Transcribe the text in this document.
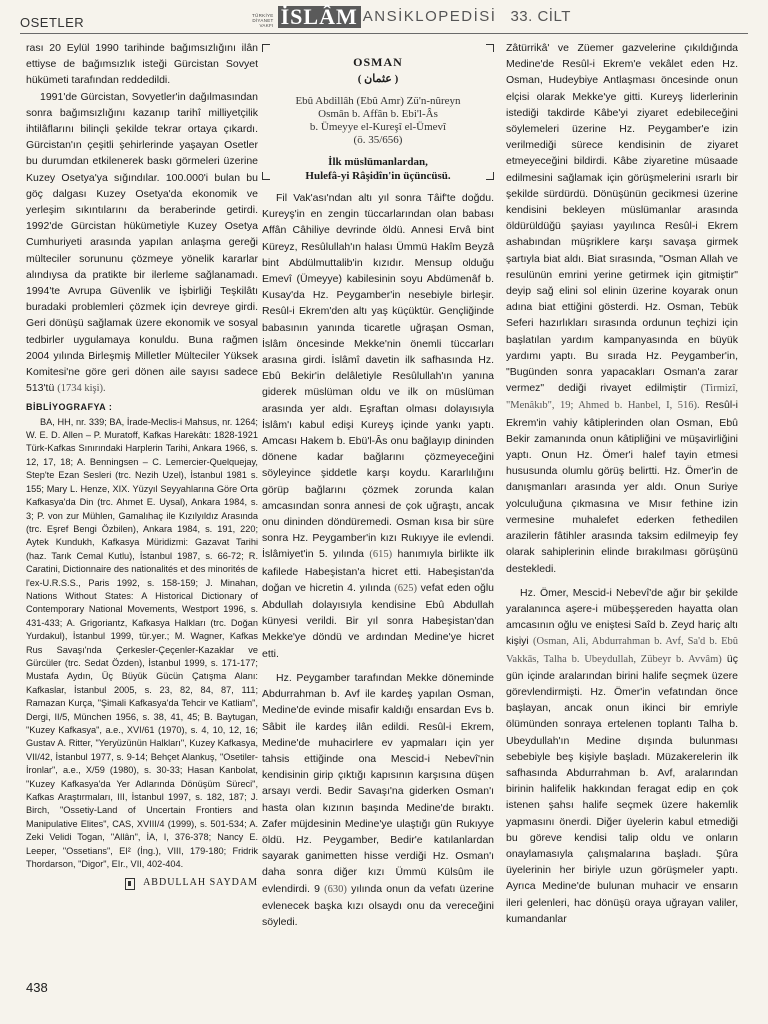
OSETLER	TÜRKİYE
DİYANET
VAKFI İSLÂM ANSİKLOPEDİSİ 33. CİLT

rası 20 Eylül 1990 tarihinde bağımsızlığını ilân ettiyse de bağımsızlık isteği Gürcistan Sovyet hükümeti tarafından reddedildi.

1991'de Gürcistan, Sovyetler'in dağılmasından sonra bağımsızlığını kazanıp tarihî milliyetçilik ihtilâflarını bilinçli şekilde tekrar ortaya çıkardı. Gürcistan'ın çeşitli şehirlerinde yaşayan Osetler bu durumdan etkilenerek baskı görmeleri üzerine Kuzey Osetya'ya sığındılar. 100.000'i bulan bu göç dalgası Kuzey Osetya'da ekonomik ve yerleşim sıkıntılarını da beraberinde getirdi. 1992'de Gürcistan hükümetiyle Kuzey Osetya Cumhuriyeti arasında yapılan anlaşma gereği mülteciler sorununu çözmeye yönelik kararlar alındıysa da pratikte bir ilerleme sağlanamadı. 1994'te Avrupa Güvenlik ve İşbirliği Teşkilâtı buradaki problemleri çözmek için devreye girdi. Geri dönüşü sağlamak üzere ekonomik ve sosyal tedbirler uygulamaya konuldu. Buna rağmen 2004 yılında Birleşmiş Milletler Mülteciler Yüksek Komitesi'ne göre geri dönen aile sayısı sadece 513'tü (1734 kişi).

BİBLİYOGRAFYA :

BA, HH, nr. 339; BA, İrade-Meclis-i Mahsus, nr. 1264; W. E. D. Allen – P. Muratoff, Kafkas Harekâtı: 1828-1921 Türk-Kafkas Sınırındaki Harplerin Tarihi, Ankara 1966, s. 12, 17, 18; A. Benningsen – C. Lemercier-Quelquejay, Step'te Ezan Sesleri (trc. Nezih Uzel), İstanbul 1981 s. 155; Mary L. Henze, XIX. Yüzyıl Seyyahlarına Göre Orta Kafkasya'da Din (trc. Ahmet E. Uysal), Ankara 1984, s. 3; P. von zur Mühlen, Gamalıhaç ile Kızılyıldız Arasında (trc. Eşref Bengi Özbilen), Ankara 1984, s. 191, 220; Aytek Kundukh, Kafkasya Müridizmi: Gazavat Tarihi (haz. Tarık Cemal Kutlu), İstanbul 1987, s. 66-72; R. Caratini, Dictionnaire des nationalités et des minorités de l'ex-U.R.S.S., Paris 1992, s. 158-159; J. Minahan, Nations Without States: A Historical Dictionary of Contemporary National Movements, Westport 1996, s. 431-433; A. Grigoriantz, Kafkasya Halkları (trc. Doğan Yurdakul), İstanbul 1999, tür.yer.; M. Wagner, Kafkas Rus Savaşı'nda Çerkesler-Çeçenler-Kazaklar ve Gürcüler (trc. Sedat Özden), İstanbul 1999, s. 171-177; Mustafa Aydın, Üç Büyük Gücün Çatışma Alanı: Kafkaslar, İstanbul 2005, s. 23, 82, 84, 87, 111; Ramazan Kurça, "Şimali Kafkasya'da Tehcir ve Katliam", Dergi, II/5, München 1956, s. 38, 41, 45; B. Baytugan, "Kuzey Kafkasya", a.e., XVI/61 (1970), s. 4, 10, 12, 16; Gustav A. Ritter, "Yeryüzünün Halkları", Kuzey Kafkasya, VII/42, İstanbul 1977, s. 9-14; Behçet Alankuş, "Osetiler-İronlar", a.e., X/59 (1980), s. 30-33; Hasan Kanbolat, "Kuzey Kafkasya'da Yer Adlarında Dönüşüm Süreci", Kafkas Araştırmaları, III, İstanbul 1997, s. 182, 187; J. Birch, "Ossetiy-Land of Uncertain Frontiers and Manipulative Elites", CAS, XVIII/4 (1999), s. 501-534; A. Zeki Velidi Togan, "Allân", İA, I, 376-378; Nancy E. Leeper, "Ossetians", EI² (İng.), VIII, 179-180; Fridrik Thordarson, "Digor", EIr., VII, 402-404.

ABDULLAH SAYDAM
OSMAN
( عثمان )
Ebû Abdillâh (Ebû Amr) Zü'n-nûreyn
Osmân b. Affân b. Ebi'l-Âs
b. Ümeyye el-Kureşî el-Ümevî
(ö. 35/656)
İlk müslümanlardan,
Hulefâ-yi Râşidîn'in üçüncüsü.

Fil Vak'ası'ndan altı yıl sonra Tâif'te doğdu. Kureyş'in en zengin tüccarlarından olan babası Affân Câhiliye devrinde öldü. Annesi Ervâ bint Küreyz, Resûlullah'ın halası Ümmü Hakîm Beyzâ bint Abdülmuttalib'in kızıdır. Mensup olduğu Emevî (Ümeyye) kabilesinin soyu Abdümenâf b. Kusay'da Hz. Peygamber'in nesebiyle birleşir. Resûl-i Ekrem'den altı yaş küçüktür. Gençliğinde babasının yanında ticaretle uğraşan Osman, İslâm öncesinde Mekke'nin önemli tüccarları arasına girdi. İslâmî davetin ilk safhasında Hz. Ebû Bekir'in delâletiyle Resûlullah'ın yanına giderek müslüman oldu ve ilk on müslüman arasında yer aldı. Eşraftan olması dolayısıyla İslâm'ı kabul edişi Kureyş içinde yankı yaptı. Amcası Hakem b. Ebü'l-Âs onu bağlayıp dininden dönene kadar bağlarını çözmeyeceğini söyleyince şiddetle karşı koydu. Kararlılığını görüp bağlarını çözmek zorunda kalan amcasından sonra annesi de çok uğraştı, ancak onu dininden döndüremedi. Osman kısa bir süre sonra Hz. Peygamber'in kızı Rukıyye ile evlendi. İslâmiyet'in 5. yılında (615) hanımıyla birlikte ilk kafilede Habeşistan'a hicret etti. Habeşistan'da doğan ve hicretin 4. yılında (625) vefat eden oğlu Abdullah dolayısıyla kendisine Ebû Abdullah künyesi verildi. Bir yıl sonra Habeşistan'dan Mekke'ye döndü ve ardından Medine'ye hicret etti.

Hz. Peygamber tarafından Mekke döneminde Abdurrahman b. Avf ile kardeş yapılan Osman, Medine'de evinde misafir kaldığı ensardan Evs b. Sâbit ile kardeş ilân edildi. Resûl-i Ekrem, Medine'de muhacirlere ev yapmaları için yer tahsis ettiğinde ona Mescid-i Nebevî'nin kendisinin girip çıktığı kapısının karşısına düşen arsayı verdi. Bedir Savaşı'na giderken Osman'ı hasta olan kızının başında Medine'de bıraktı. Zafer müjdesinin Medine'ye ulaştığı gün Rukıyye öldü. Hz. Peygamber, Bedir'e katılanlardan sayarak ganimetten hisse verdiği Hz. Osman'ı daha sonra diğer kızı Ümmü Külsûm ile evlendirdi. 9 (630) yılında onun da vefatı üzerine evlenecek başka kızı olsaydı onu da vereceğini söyledi.

Zâtürrikâ' ve Züemer gazvelerine çıkıldığında Medine'de Resûl-i Ekrem'e vekâlet eden Hz. Osman, Hudeybiye Antlaşması öncesinde onun elçisi olarak Mekke'ye gitti. Kureyş liderlerinin istediği takdirde Kâbe'yi ziyaret edebileceğini söylemeleri üzerine Hz. Peygamber'e izin verilmediği sürece kendisinin de ziyaret etmeyeceğini bildirdi. Kâbe ziyaretine müsaade edilmesini sağlamak için görüşmelerini ısrarlı bir şekilde sürdürdü. Dönüşünün gecikmesi üzerine kendisini bekleyen müslümanlar arasında öldürüldüğü şayiası yayılınca Resûl-i Ekrem ashabından müşriklere karşı savaşa girmek şartıyla biat aldı. Biat sırasında, "Osman Allah ve resulünün emrini yerine getirmek için gitmiştir" deyip sağ elini sol elinin üzerine koyarak onun adına biat ettiğini gösterdi. Hz. Osman, Tebük Seferi hazırlıkları sırasında ordunun teçhizi için başlatılan yardım kampanyasında en büyük yardımı yaptı. Bu sırada Hz. Peygamber'in, "Bugünden sonra yapacakları Osman'a zarar vermez" dediği rivayet edilmiştir (Tirmizî, "Menâkıb", 19; Ahmed b. Hanbel, I, 516). Resûl-i Ekrem'in vahiy kâtiplerinden olan Osman, Ebû Bekir zamanında onun kâtipliğini ve müşavirliğini yaptı. Onun Hz. Ömer'i halef tayin etmesi hususunda olumlu görüş belirtti. Hz. Ömer'in de danışmanları arasında yer aldı. Onun Suriye yolculuğuna çıkmasına ve Mısır fethine izin vermesine muhalefet ederken fethedilen arazilerin fâtihler arasında taksim edilmeyip fey olarak sahiplerinin elinde bırakılması görüşünü destekledi.

Hz. Ömer, Mescid-i Nebevî'de ağır bir şekilde yaralanınca aşere-i mübeşşereden hayatta olan amcasının oğlu ve eniştesi Saîd b. Zeyd hariç altı kişiyi (Osman, Ali, Abdurrahman b. Avf, Sa'd b. Ebû Vakkās, Talha b. Ubeydullah, Zübeyr b. Avvâm) üç gün içinde aralarından birini halife seçmek üzere görevlendirmişti. Hz. Ömer'in vefatından önce başlayan, ancak onun ikinci bir emriyle ölümünden sonraya ertelenen toplantı Talha b. Ubeydullah'ın Medine dışında bulunması sebebiyle beş kişiyle başladı. Müzakerelerin ilk safhasında Abdurrahman b. Avf, aralarından birinin halifelik hakkından feragat edip en çok istenen şahsı halife seçmek üzere hakemlik yapmasını önerdi. Diğer üyelerin kabul etmediği bu göreve kendisi talip oldu ve onların onaylamasıyla çalışmalarına başladı. Şûra üyelerinin her biriyle uzun görüşmeler yaptı. Ayrıca Medine'de bulunan muhacir ve ensarın ileri gelenleri, hac dönüşü oraya uğrayan valiler, kumandanlar

438
